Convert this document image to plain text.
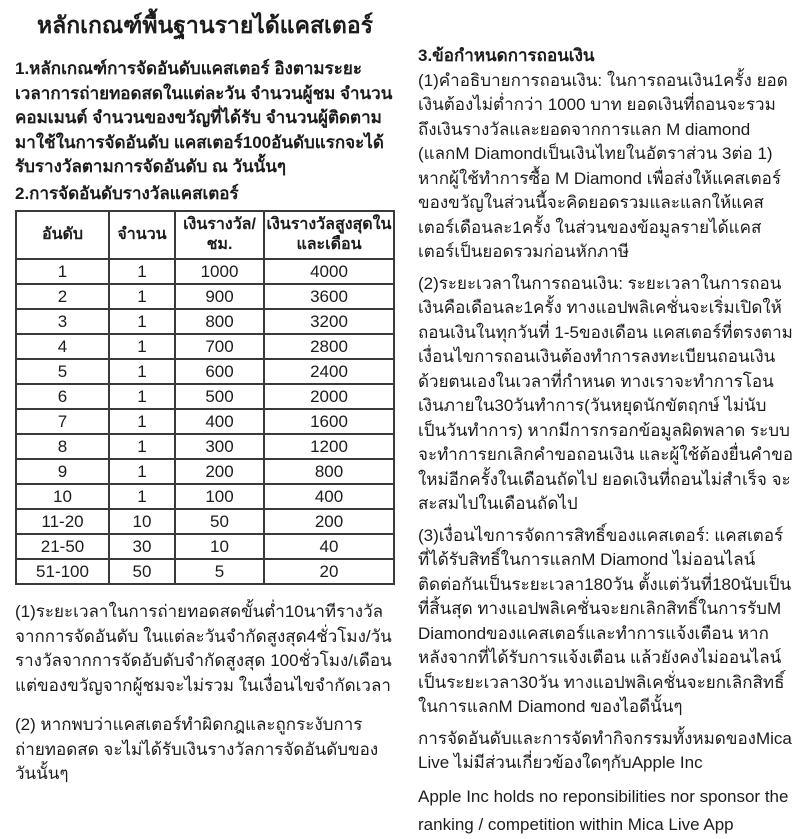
หลักเกณฑ์พื้นฐานรายได้แคสเตอร์
1.หลักเกณฑ์การจัดอันดับแคสเตอร์ อิงตามระยะเวลาการถ่ายทอดสดในแต่ละวัน จำนวนผู้ชม จำนวนคอมเมนต์ จำนวนของขวัญที่ได้รับ จำนวนผู้ติดตาม มาใช้ในการจัดอันดับ แคสเตอร์100อันดับแรกจะได้รับรางวัลตามการจัดอันดับ ณ วันนั้นๆ
2.การจัดอันดับรางวัลแคสเตอร์
อันดับ	จำนวน	เงินรางวัล/ชม.	เงินรางวัลสูงสุดใน และเดือน
1	1	1000	4000
2	1	900	3600
3	1	800	3200
4	1	700	2800
5	1	600	2400
6	1	500	2000
7	1	400	1600
8	1	300	1200
9	1	200	800
10	1	100	400
11-20	10	50	200
21-50	30	10	40
51-100	50	5	20
(1)ระยะเวลาในการถ่ายทอดสดขั้นต่ำ10นาทีรางวัลจากการจัดอันดับ ในแต่ละวันจำกัดสูงสุด4ชั่วโมง/วัน รางวัลจากการจัดอับดับจำกัดสูงสุด 100ชั่วโมง/เดือน แต่ของขวัญจากผู้ชมจะไม่รวม ในเงื่อนไขจำกัดเวลา
(2) หากพบว่าแคสเตอร์ทำผิดกฎและถูกระงับการถ่ายทอดสด จะไม่ได้รับเงินรางวัลการจัดอันดับของวันนั้นๆ
3.ข้อกำหนดการถอนเงิน
(1)คำอธิบายการถอนเงิน: ในการถอนเงิน1ครั้ง ยอดเงินต้องไม่ต่ำกว่า 1000 บาท ยอดเงินที่ถอนจะรวมถึงเงินรางวัลและยอดจากการแลก M diamond (แลกM Diamondเป็นเงินไทยในอัตราส่วน 3ต่อ 1) หากผู้ใช้ทำการซื้อ M Diamond เพื่อส่งให้แคสเตอร์ ของขวัญในส่วนนี้จะคิดยอดรวมและแลกให้แคสเตอร์เดือนละ1ครั้ง ในส่วนของข้อมูลรายได้แคสเตอร์เป็นยอดรวมก่อนหักภาษี
(2)ระยะเวลาในการถอนเงิน: ระยะเวลาในการถอนเงินคือเดือนละ1ครั้ง ทางแอปพลิเคชั่นจะเริ่มเปิดให้ถอนเงินในทุกวันที่ 1-5ของเดือน แคสเตอร์ที่ตรงตามเงื่อนไขการถอนเงินต้องทำการลงทะเบียนถอนเงินด้วยตนเองในเวลาที่กำหนด ทางเราจะทำการโอนเงินภายใน30วันทำการ(วันหยุดนักขัตฤกษ์ ไม่นับเป็นวันทำการ) หากมีการกรอกข้อมูลผิดพลาด ระบบจะทำการยกเลิกคำขอถอนเงิน และผู้ใช้ต้องยื่นคำขอใหม่อีกครั้งในเดือนถัดไป ยอดเงินที่ถอนไม่สำเร็จ จะสะสมไปในเดือนถัดไป
(3)เงื่อนไขการจัดการสิทธิ์ของแคสเตอร์: แคสเตอร์ที่ได้รับสิทธิ์ในการแลกM Diamond ไม่ออนไลน์ติดต่อกันเป็นระยะเวลา180วัน ตั้งแต่วันที่180นับเป็นที่สิ้นสุด ทางแอปพลิเคชั่นจะยกเลิกสิทธิ์ในการรับM Diamondของแคสเตอร์และทำการแจ้งเตือน หากหลังจากที่ได้รับการแจ้งเตือน แล้วยังคงไม่ออนไลน์เป็นระยะเวลา30วัน ทางแอปพลิเคชั่นจะยกเลิกสิทธิ์ในการแลกM Diamond ของไอดีนั้นๆ
การจัดอันดับและการจัดทำกิจกรรมทั้งหมดของMica Live ไม่มีส่วนเกี่ยวข้องใดๆกับApple Inc
Apple Inc holds no reponsibilities nor sponsor the ranking / competition within Mica Live App
